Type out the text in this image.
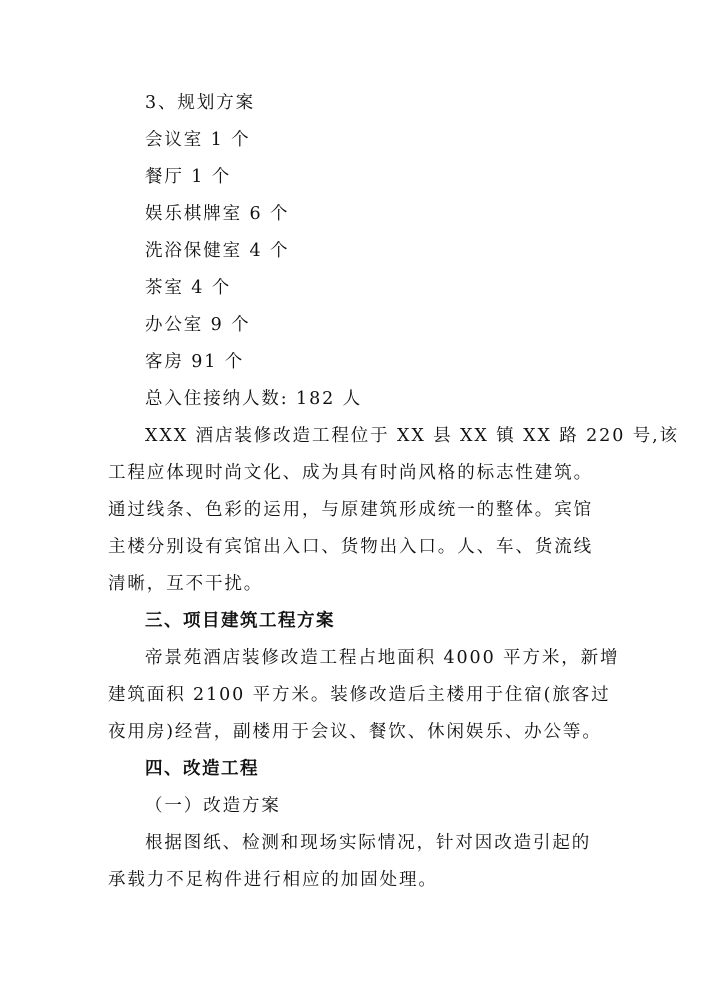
3、规划方案

会议室 1 个

餐厅 1 个

娱乐棋牌室 6 个

洗浴保健室 4 个

茶室 4 个

办公室 9 个

客房 91 个

总入住接纳人数: 182 人

XXX 酒店装修改造工程位于 XX 县 XX 镇 XX 路 220 号,该

工程应体现时尚文化、成为具有时尚风格的标志性建筑。

通过线条、色彩的运用，与原建筑形成统一的整体。宾馆

主楼分别设有宾馆出入口、货物出入口。人、车、货流线

清晰，互不干扰。

三、项目建筑工程方案

帝景苑酒店装修改造工程占地面积 4000 平方米，新增

建筑面积 2100 平方米。装修改造后主楼用于住宿(旅客过

夜用房)经营，副楼用于会议、餐饮、休闲娱乐、办公等。

四、改造工程

（一）改造方案

根据图纸、检测和现场实际情况，针对因改造引起的

承载力不足构件进行相应的加固处理。
